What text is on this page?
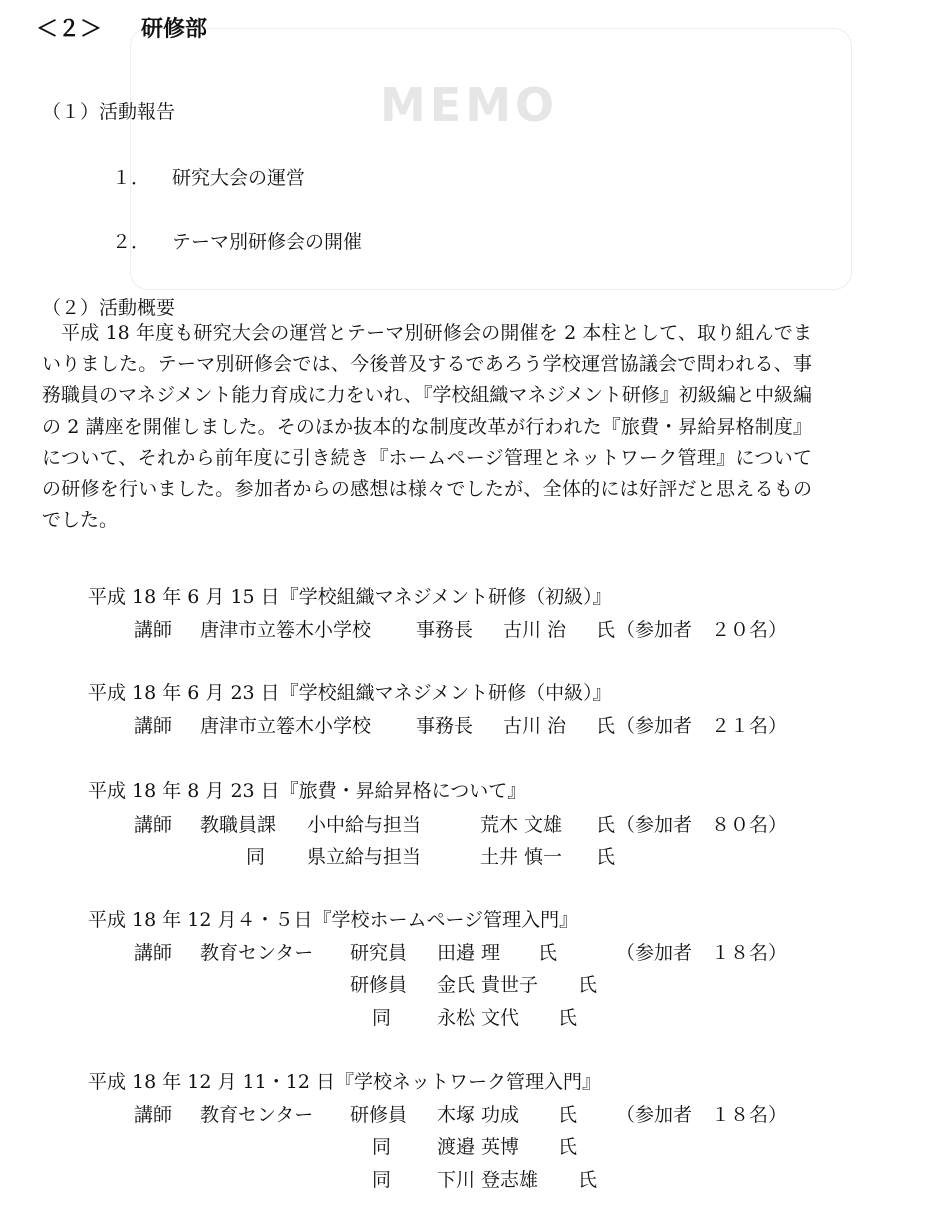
MEMO
＜２＞ 研修部
（１）活動報告
１． 研究大会の運営
２． テーマ別研修会の開催
（２）活動概要

平成 18 年度も研究大会の運営とテーマ別研修会の開催を 2 本柱として、取り組んでまいりました。テーマ別研修会では、今後普及するであろう学校運営協議会で問われる、事務職員のマネジメント能力育成に力をいれ、『学校組織マネジメント研修』初級編と中級編の 2 講座を開催しました。そのほか抜本的な制度改革が行われた『旅費・昇給昇格制度』について、それから前年度に引き続き『ホームページ管理とネットワーク管理』についての研修を行いました。参加者からの感想は様々でしたが、全体的には好評だと思えるものでした。

平成 18 年 6 月 15 日『学校組織マネジメント研修（初級）』
講師 唐津市立箞木小学校 事務長 古川 治 氏 （参加者　２０名）
平成 18 年 6 月 23 日『学校組織マネジメント研修（中級）』
講師 唐津市立箞木小学校 事務長 古川 治 氏 （参加者　２１名）
平成 18 年 8 月 23 日『旅費・昇給昇格について』
講師 教職員課 小中給与担当	荒木 文雄 氏 （参加者　８０名）
同 県立給与担当	土井 慎一 氏
平成 18 年 12 月４・５日『学校ホームページ管理入門』
講師 教育センター 研究員 田邉 理 氏	（参加者　１８名）
研修員 金氏 貴世子 氏
同 永松 文代 氏
平成 18 年 12 月 11・12 日『学校ネットワーク管理入門』
講師 教育センター 研修員 木塚 功成 氏 （参加者　１８名）
同 渡邉 英博 氏
同 下川 登志雄 氏
